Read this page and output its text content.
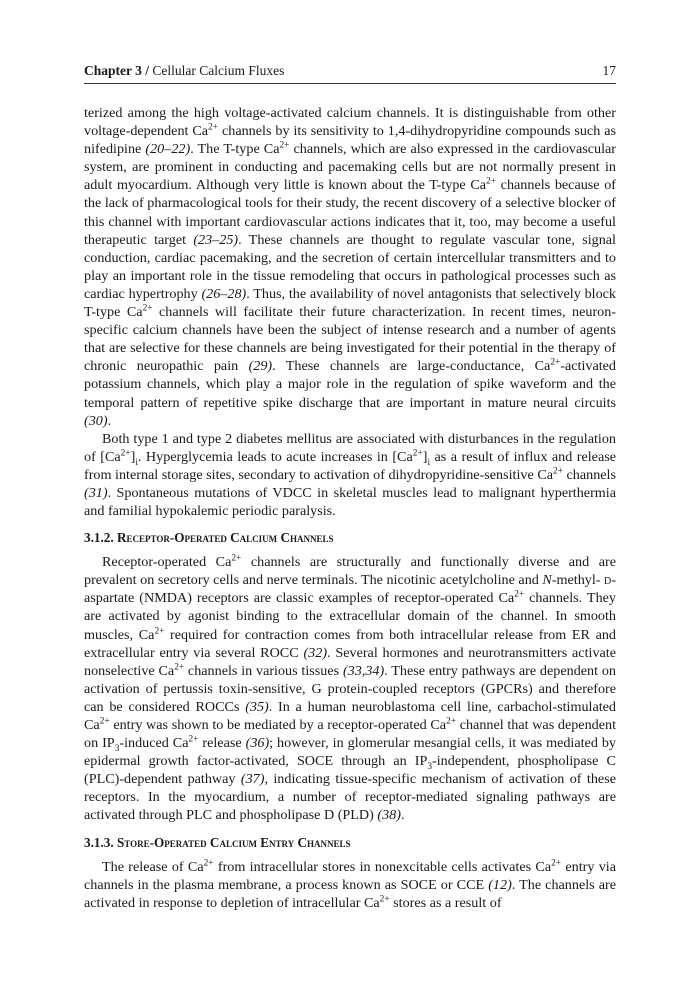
Chapter 3 / Cellular Calcium Fluxes	17

terized among the high voltage-activated calcium channels. It is distinguishable from other voltage-dependent $Ca^{2+}$ channels by its sensitivity to 1,4-dihydropyridine compounds such as nifedipine (20–22). The T-type $Ca^{2+}$ channels, which are also expressed in the cardiovascular system, are prominent in conducting and pacemaking cells but are not normally present in adult myocardium. Although very little is known about the T-type $Ca^{2+}$ channels because of the lack of pharmacological tools for their study, the recent discovery of a selective blocker of this channel with important cardiovascular actions indicates that it, too, may become a useful therapeutic target (23–25). These channels are thought to regulate vascular tone, signal conduction, cardiac pacemaking, and the secretion of certain intercellular transmitters and to play an important role in the tissue remodeling that occurs in pathological processes such as cardiac hypertrophy (26–28). Thus, the availability of novel antagonists that selectively block T-type $Ca^{2+}$ channels will facilitate their future characterization. In recent times, neuron-specific calcium channels have been the subject of intense research and a number of agents that are selective for these channels are being investigated for their potential in the therapy of chronic neuropathic pain (29). These channels are large-conductance, $Ca^{2+}$-activated potassium channels, which play a major role in the regulation of spike waveform and the temporal pattern of repetitive spike discharge that are important in mature neural circuits (30).

Both type 1 and type 2 diabetes mellitus are associated with disturbances in the regulation of $[Ca^{2+}]_i$. Hyperglycemia leads to acute increases in $[Ca^{2+}]_i$ as a result of influx and release from internal storage sites, secondary to activation of dihydropyridine-sensitive $Ca^{2+}$ channels (31). Spontaneous mutations of VDCC in skeletal muscles lead to malignant hyperthermia and familial hypokalemic periodic paralysis.

3.1.2. Receptor-Operated Calcium Channels

Receptor-operated $Ca^{2+}$ channels are structurally and functionally diverse and are prevalent on secretory cells and nerve terminals. The nicotinic acetylcholine and N-methyl- d-aspartate (NMDA) receptors are classic examples of receptor-operated $Ca^{2+}$ channels. They are activated by agonist binding to the extracellular domain of the channel. In smooth muscles, $Ca^{2+}$ required for contraction comes from both intracellular release from ER and extracellular entry via several ROCC (32). Several hormones and neurotransmitters activate nonselective $Ca^{2+}$ channels in various tissues (33,34). These entry pathways are dependent on activation of pertussis toxin-sensitive, G protein-coupled receptors (GPCRs) and therefore can be considered ROCCs (35). In a human neuroblastoma cell line, carbachol-stimulated $Ca^{2+}$ entry was shown to be mediated by a receptor-operated $Ca^{2+}$ channel that was dependent on $IP_3$-induced $Ca^{2+}$ release (36); however, in glomerular mesangial cells, it was mediated by epidermal growth factor-activated, SOCE through an $IP_3$-independent, phospholipase C (PLC)-dependent pathway (37), indicating tissue-specific mechanism of activation of these receptors. In the myocardium, a number of receptor-mediated signaling pathways are activated through PLC and phospholipase D (PLD) (38).

3.1.3. Store-Operated Calcium Entry Channels

The release of $Ca^{2+}$ from intracellular stores in nonexcitable cells activates $Ca^{2+}$ entry via channels in the plasma membrane, a process known as SOCE or CCE (12). The channels are activated in response to depletion of intracellular $Ca^{2+}$ stores as a result of
